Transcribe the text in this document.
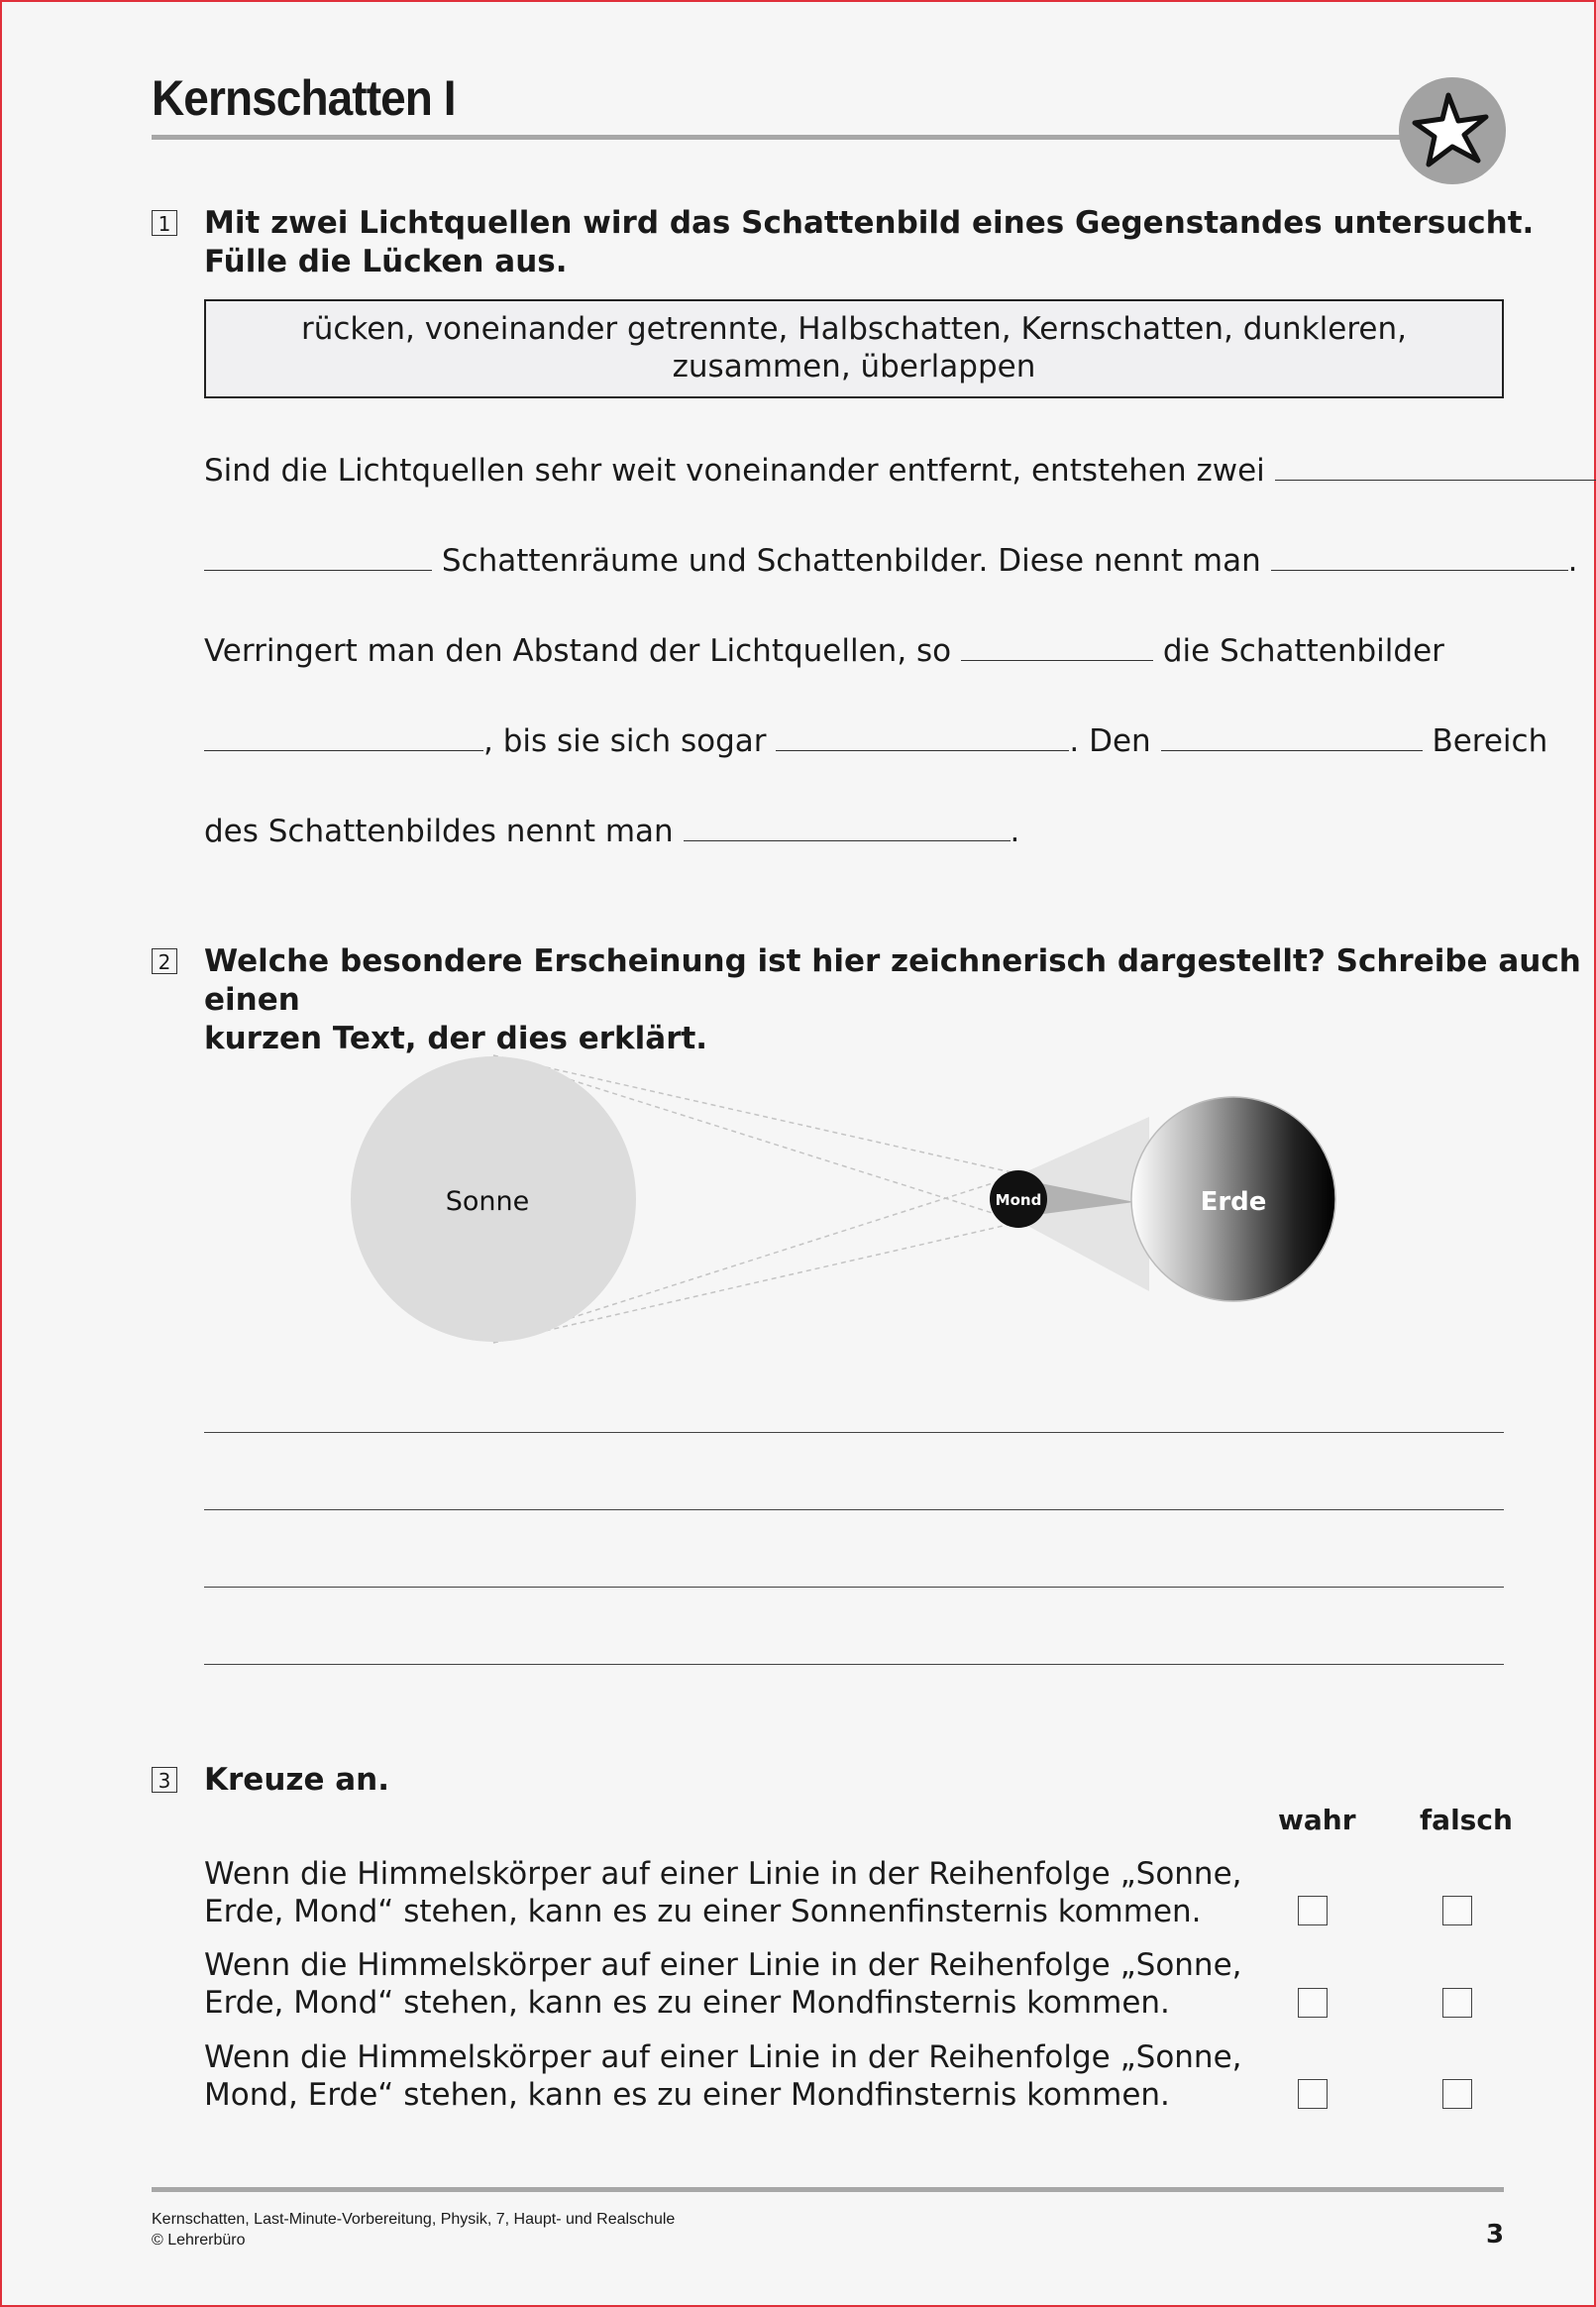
Kernschatten I
1 Mit zwei Lichtquellen wird das Schattenbild eines Gegenstandes untersucht.
Fülle die Lücken aus.
rücken, voneinander getrennte, Halbschatten, Kernschatten, dunkleren,
zusammen, überlappen
Sind die Lichtquellen sehr weit voneinander entfernt, entstehen zwei
Schattenräume und Schattenbilder. Diese nennt man	.
Verringert man den Abstand der Lichtquellen, so	die Schattenbilder
, bis sie sich sogar	. Den	Bereich
des Schattenbildes nennt man	.
2 Welche besondere Erscheinung ist hier zeichnerisch dargestellt? Schreibe auch einen
kurzen Text, der dies erklärt.
Sonne	Erde
Mond
3 Kreuze an.
wahr falsch
Wenn die Himmelskörper auf einer Linie in der Reihenfolge „Sonne,
Erde, Mond“ stehen, kann es zu einer Sonnenfinsternis kommen.
Wenn die Himmelskörper auf einer Linie in der Reihenfolge „Sonne,
Erde, Mond“ stehen, kann es zu einer Mondfinsternis kommen.
Wenn die Himmelskörper auf einer Linie in der Reihenfolge „Sonne,
Mond, Erde“ stehen, kann es zu einer Mondfinsternis kommen.
Kernschatten, Last-Minute-Vorbereitung, Physik, 7, Haupt- und Realschule
© Lehrerbüro	3
